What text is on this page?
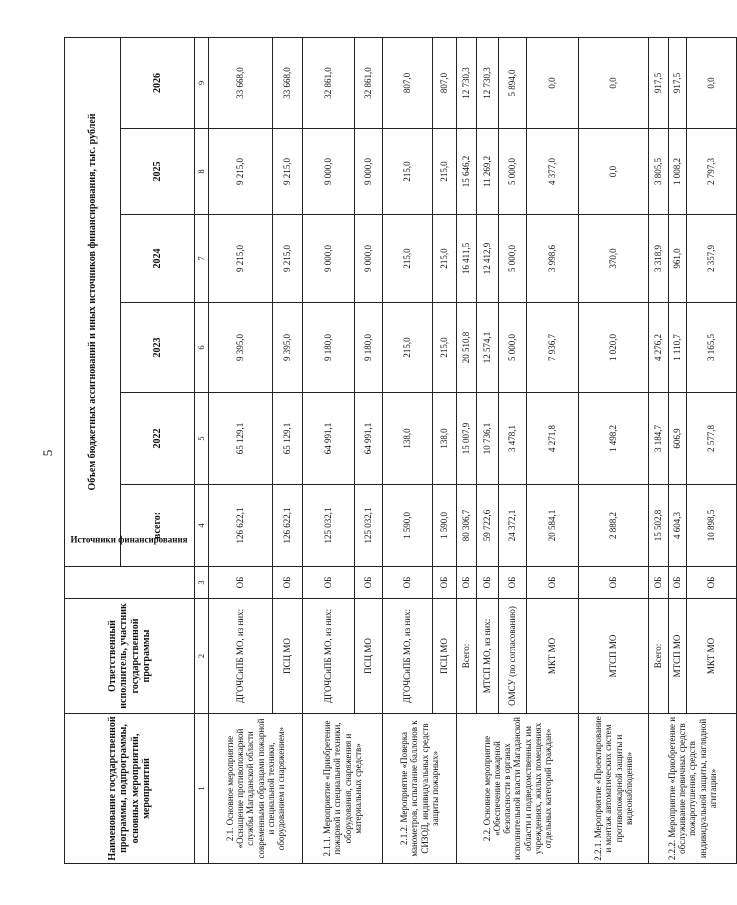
5
Наименование государственной программы, подпрограммы, основных мероприятий, мероприятий	Ответственный исполнитель, участник государственной программы	Источники финансирования	Объем бюджетных ассигнований и иных источников финансирования, тыс. рублей					
			всего:	2022	2023	2024	2025	2026
1	2	3	4	5	6	7	8	9
2.1. Основное мероприятие «Оснащение противопожарной службы Магаданской области современными образцами пожарной и специальной техники, оборудованием и снаряжением»	ДГОЧСиПБ МО, из них:	ОБ	126 622,1	65 129,1	9 395,0	9 215,0	9 215,0	33 668,0
	ПСЦ МО	ОБ	126 622,1	65 129,1	9 395,0	9 215,0	9 215,0	33 668,0
2.1.1. Мероприятие «Приобретение пожарной и специальной техники, оборудования, снаряжения и материальных средств»	ДГОЧСиПБ МО, из них:	ОБ	125 032,1	64 991,1	9 180,0	9 000,0	9 000,0	32 861,0
	ПСЦ МО	ОБ	125 032,1	64 991,1	9 180,0	9 000,0	9 000,0	32 861,0
2.1.2. Мероприятие «Поверка манометров, испытание баллонов к СИЗОД, индивидуальных средств защиты пожарных»	ДГОЧСиПБ МО, из них:	ОБ	1 590,0	138,0	215,0	215,0	215,0	807,0
	ПСЦ МО	ОБ	1 590,0	138,0	215,0	215,0	215,0	807,0
2.2. Основное мероприятие «Обеспечение пожарной безопасности в органах исполнительной власти Магаданской области и подведомственных им учреждениях, жилых помещениях отдельных категорий граждан»	Всего:	ОБ	80 306,7	15 007,9	20 510,8	16 411,5	15 646,2	12 730,3
	МТСП МО, из них:	ОБ	59 722,6	10 736,1	12 574,1	12 412,9	11 269,2	12 730,3
	ОМСУ (по согласованию)	ОБ	24 372,1	3 478,1	5 000,0	5 000,0	5 000,0	5 894,0
	МКТ МО	ОБ	20 584,1	4 271,8	7 936,7	3 998,6	4 377,0	0,0
2.2.1. Мероприятие «Проектирование и монтаж автоматических систем противопожарной защиты и видеонаблюдения»	МТСП МО	ОБ	2 888,2	1 498,2	1 020,0	370,0	0,0	0,0
2.2.2. Мероприятие «Приобретение и обслуживание первичных средств пожаротушения, средств индивидуальной защиты, наглядной агитации»	Всего:	ОБ	15 502,8	3 184,7	4 276,2	3 318,9	3 805,5	917,5
	МТСП МО	ОБ	4 604,3	606,9	1 110,7	961,0	1 008,2	917,5
	МКТ МО	ОБ	10 898,5	2 577,8	3 165,5	2 357,9	2 797,3	0,0
